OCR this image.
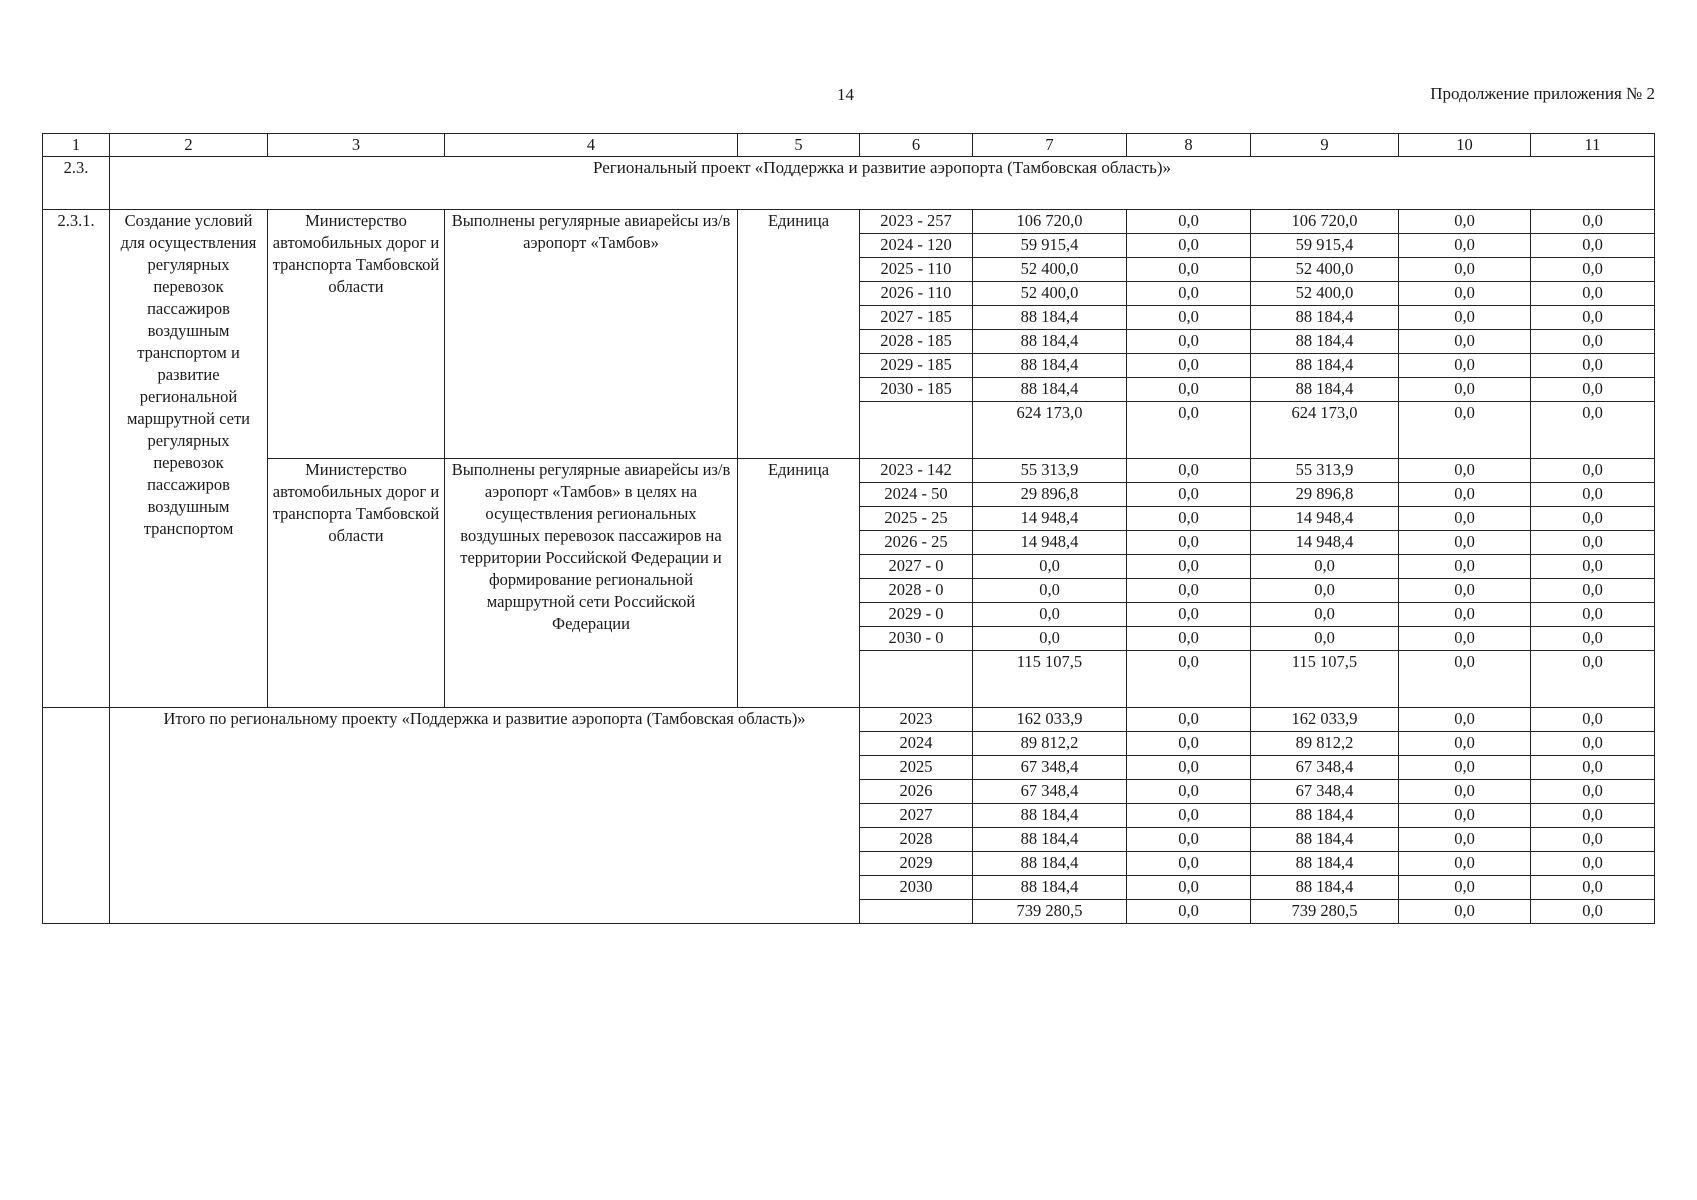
14	Продолжение приложения № 2
1	2	3	4	5	6	7	8	9	10	11
2.3.	Региональный проект «Поддержка и развитие аэропорта (Тамбовская область)»									
2.3.1.	Создание условий для осуществления регулярных перевозок пассажиров воздушным транспортом и развитие региональной маршрутной сети регулярных перевозок пассажиров воздушным транспортом	Министерство автомобильных дорог и транспорта Тамбовской области	Выполнены регулярные авиарейсы из/в аэропорт «Тамбов»	Единица	2023 - 257	106 720,0	0,0	106 720,0	0,0	0,0
					2024 - 120	59 915,4	0,0	59 915,4	0,0	0,0
					2025 - 110	52 400,0	0,0	52 400,0	0,0	0,0
					2026 - 110	52 400,0	0,0	52 400,0	0,0	0,0
					2027 - 185	88 184,4	0,0	88 184,4	0,0	0,0
					2028 - 185	88 184,4	0,0	88 184,4	0,0	0,0
					2029 - 185	88 184,4	0,0	88 184,4	0,0	0,0
					2030 - 185	88 184,4	0,0	88 184,4	0,0	0,0
						624 173,0	0,0	624 173,0	0,0	0,0
		Министерство автомобильных дорог и транспорта Тамбовской области	Выполнены регулярные авиарейсы из/в аэропорт «Тамбов» в целях на осуществления региональных воздушных перевозок пассажиров на территории Российской Федерации и формирование региональной маршрутной сети Российской Федерации	Единица	2023 - 142	55 313,9	0,0	55 313,9	0,0	0,0
					2024 - 50	29 896,8	0,0	29 896,8	0,0	0,0
					2025 - 25	14 948,4	0,0	14 948,4	0,0	0,0
					2026 - 25	14 948,4	0,0	14 948,4	0,0	0,0
					2027 - 0	0,0	0,0	0,0	0,0	0,0
					2028 - 0	0,0	0,0	0,0	0,0	0,0
					2029 - 0	0,0	0,0	0,0	0,0	0,0
					2030 - 0	0,0	0,0	0,0	0,0	0,0
						115 107,5	0,0	115 107,5	0,0	0,0
	Итого по региональному проекту «Поддержка и развитие аэропорта (Тамбовская область)»				2023	162 033,9	0,0	162 033,9	0,0	0,0
					2024	89 812,2	0,0	89 812,2	0,0	0,0
					2025	67 348,4	0,0	67 348,4	0,0	0,0
					2026	67 348,4	0,0	67 348,4	0,0	0,0
					2027	88 184,4	0,0	88 184,4	0,0	0,0
					2028	88 184,4	0,0	88 184,4	0,0	0,0
					2029	88 184,4	0,0	88 184,4	0,0	0,0
					2030	88 184,4	0,0	88 184,4	0,0	0,0
						739 280,5	0,0	739 280,5	0,0	0,0
